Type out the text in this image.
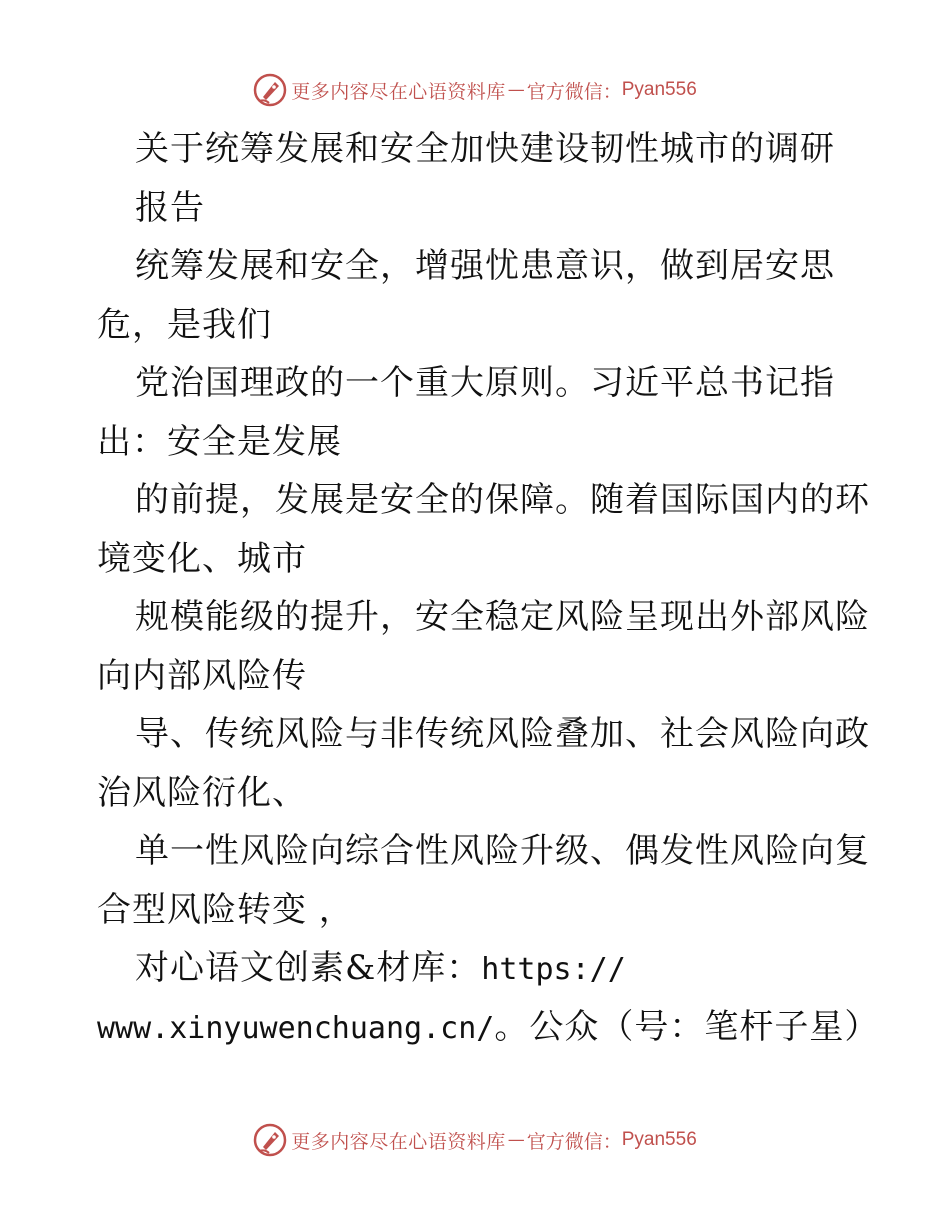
更多内容尽在心语资料库 — 官方微信： Pyan556
关于统筹发展和安全加快建设韧性城市的调研
报告
统筹发展和安全，增强忧患意识，做到居安思
危，是我们
党治国理政的一个重大原则。习近平总书记指
出：安全是发展
的前提，发展是安全的保障。随着国际国内的环
境变化、城市
规模能级的提升，安全稳定风险呈现出外部风险
向内部风险传
导、传统风险与非传统风险叠加、社会风险向政
治风险衍化、
单一性风险向综合性风险升级、偶发性风险向复
合型风险转变 ，
对心语文创素&材库：https://
www.xinyuwenchuang.cn/。公众（号：笔杆子星）
更多内容尽在心语资料库 — 官方微信： Pyan556
